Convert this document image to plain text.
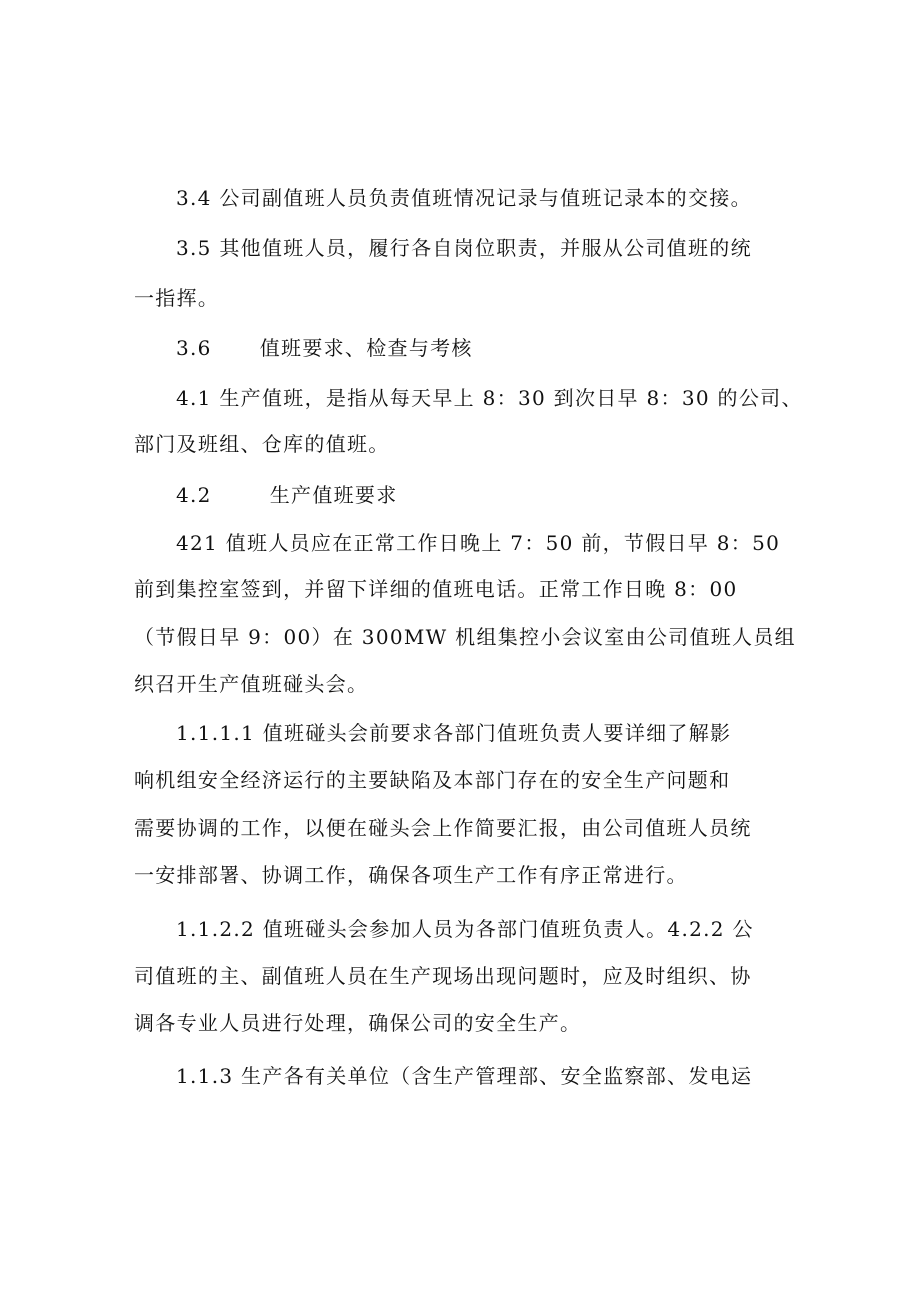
3.4 公司副值班人员负责值班情况记录与值班记录本的交接。

3.5 其他值班人员，履行各自岗位职责，并服从公司值班的统

一指挥。

3.6 值班要求、检查与考核

4.1 生产值班，是指从每天早上 8：30 到次日早 8：30 的公司、

部门及班组、仓库的值班。

4.2	生产值班要求

421 值班人员应在正常工作日晚上 7：50 前，节假日早 8：50

前到集控室签到，并留下详细的值班电话。正常工作日晚 8：00

（节假日早 9：00）在 300MW 机组集控小会议室由公司值班人员组

织召开生产值班碰头会。

1.1.1.1 值班碰头会前要求各部门值班负责人要详细了解影

响机组安全经济运行的主要缺陷及本部门存在的安全生产问题和

需要协调的工作，以便在碰头会上作简要汇报，由公司值班人员统

一安排部署、协调工作，确保各项生产工作有序正常进行。

1.1.2.2 值班碰头会参加人员为各部门值班负责人。4.2.2 公

司值班的主、副值班人员在生产现场出现问题时，应及时组织、协

调各专业人员进行处理，确保公司的安全生产。

1.1.3 生产各有关单位（含生产管理部、安全监察部、发电运
